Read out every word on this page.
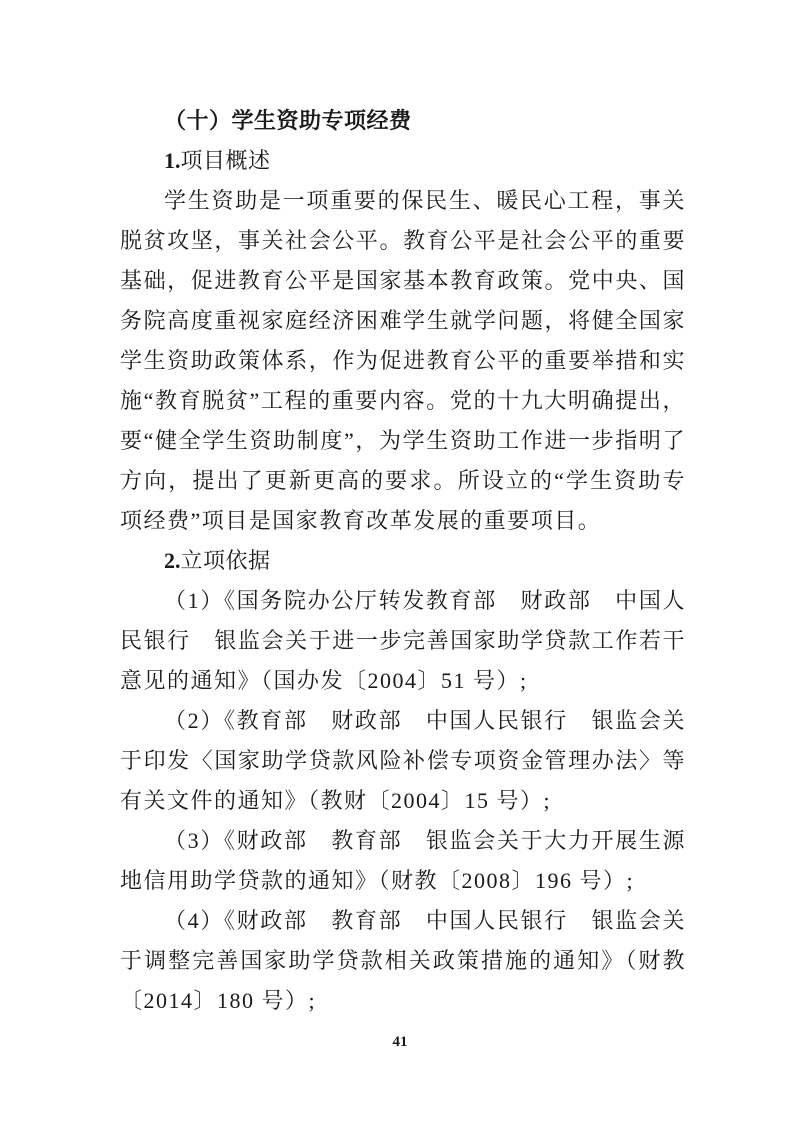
（十）学生资助专项经费
1.项目概述

学生资助是一项重要的保民生、暖民心工程，事关脱贫攻坚，事关社会公平。教育公平是社会公平的重要基础，促进教育公平是国家基本教育政策。党中央、国务院高度重视家庭经济困难学生就学问题，将健全国家学生资助政策体系，作为促进教育公平的重要举措和实施“教育脱贫”工程的重要内容。党的十九大明确提出，要“健全学生资助制度”，为学生资助工作进一步指明了方向，提出了更新更高的要求。所设立的“学生资助专项经费”项目是国家教育改革发展的重要项目。

2.立项依据

（1）《国务院办公厅转发教育部　财政部　中国人民银行　银监会关于进一步完善国家助学贷款工作若干意见的通知》（国办发〔2004〕51 号）;

（2）《教育部　财政部　中国人民银行　银监会关于印发〈国家助学贷款风险补偿专项资金管理办法〉等有关文件的通知》（教财〔2004〕15 号）;

（3）《财政部　教育部　银监会关于大力开展生源地信用助学贷款的通知》（财教〔2008〕196 号）;

（4）《财政部　教育部　中国人民银行　银监会关于调整完善国家助学贷款相关政策措施的通知》（财教〔2014〕180 号）;

41
